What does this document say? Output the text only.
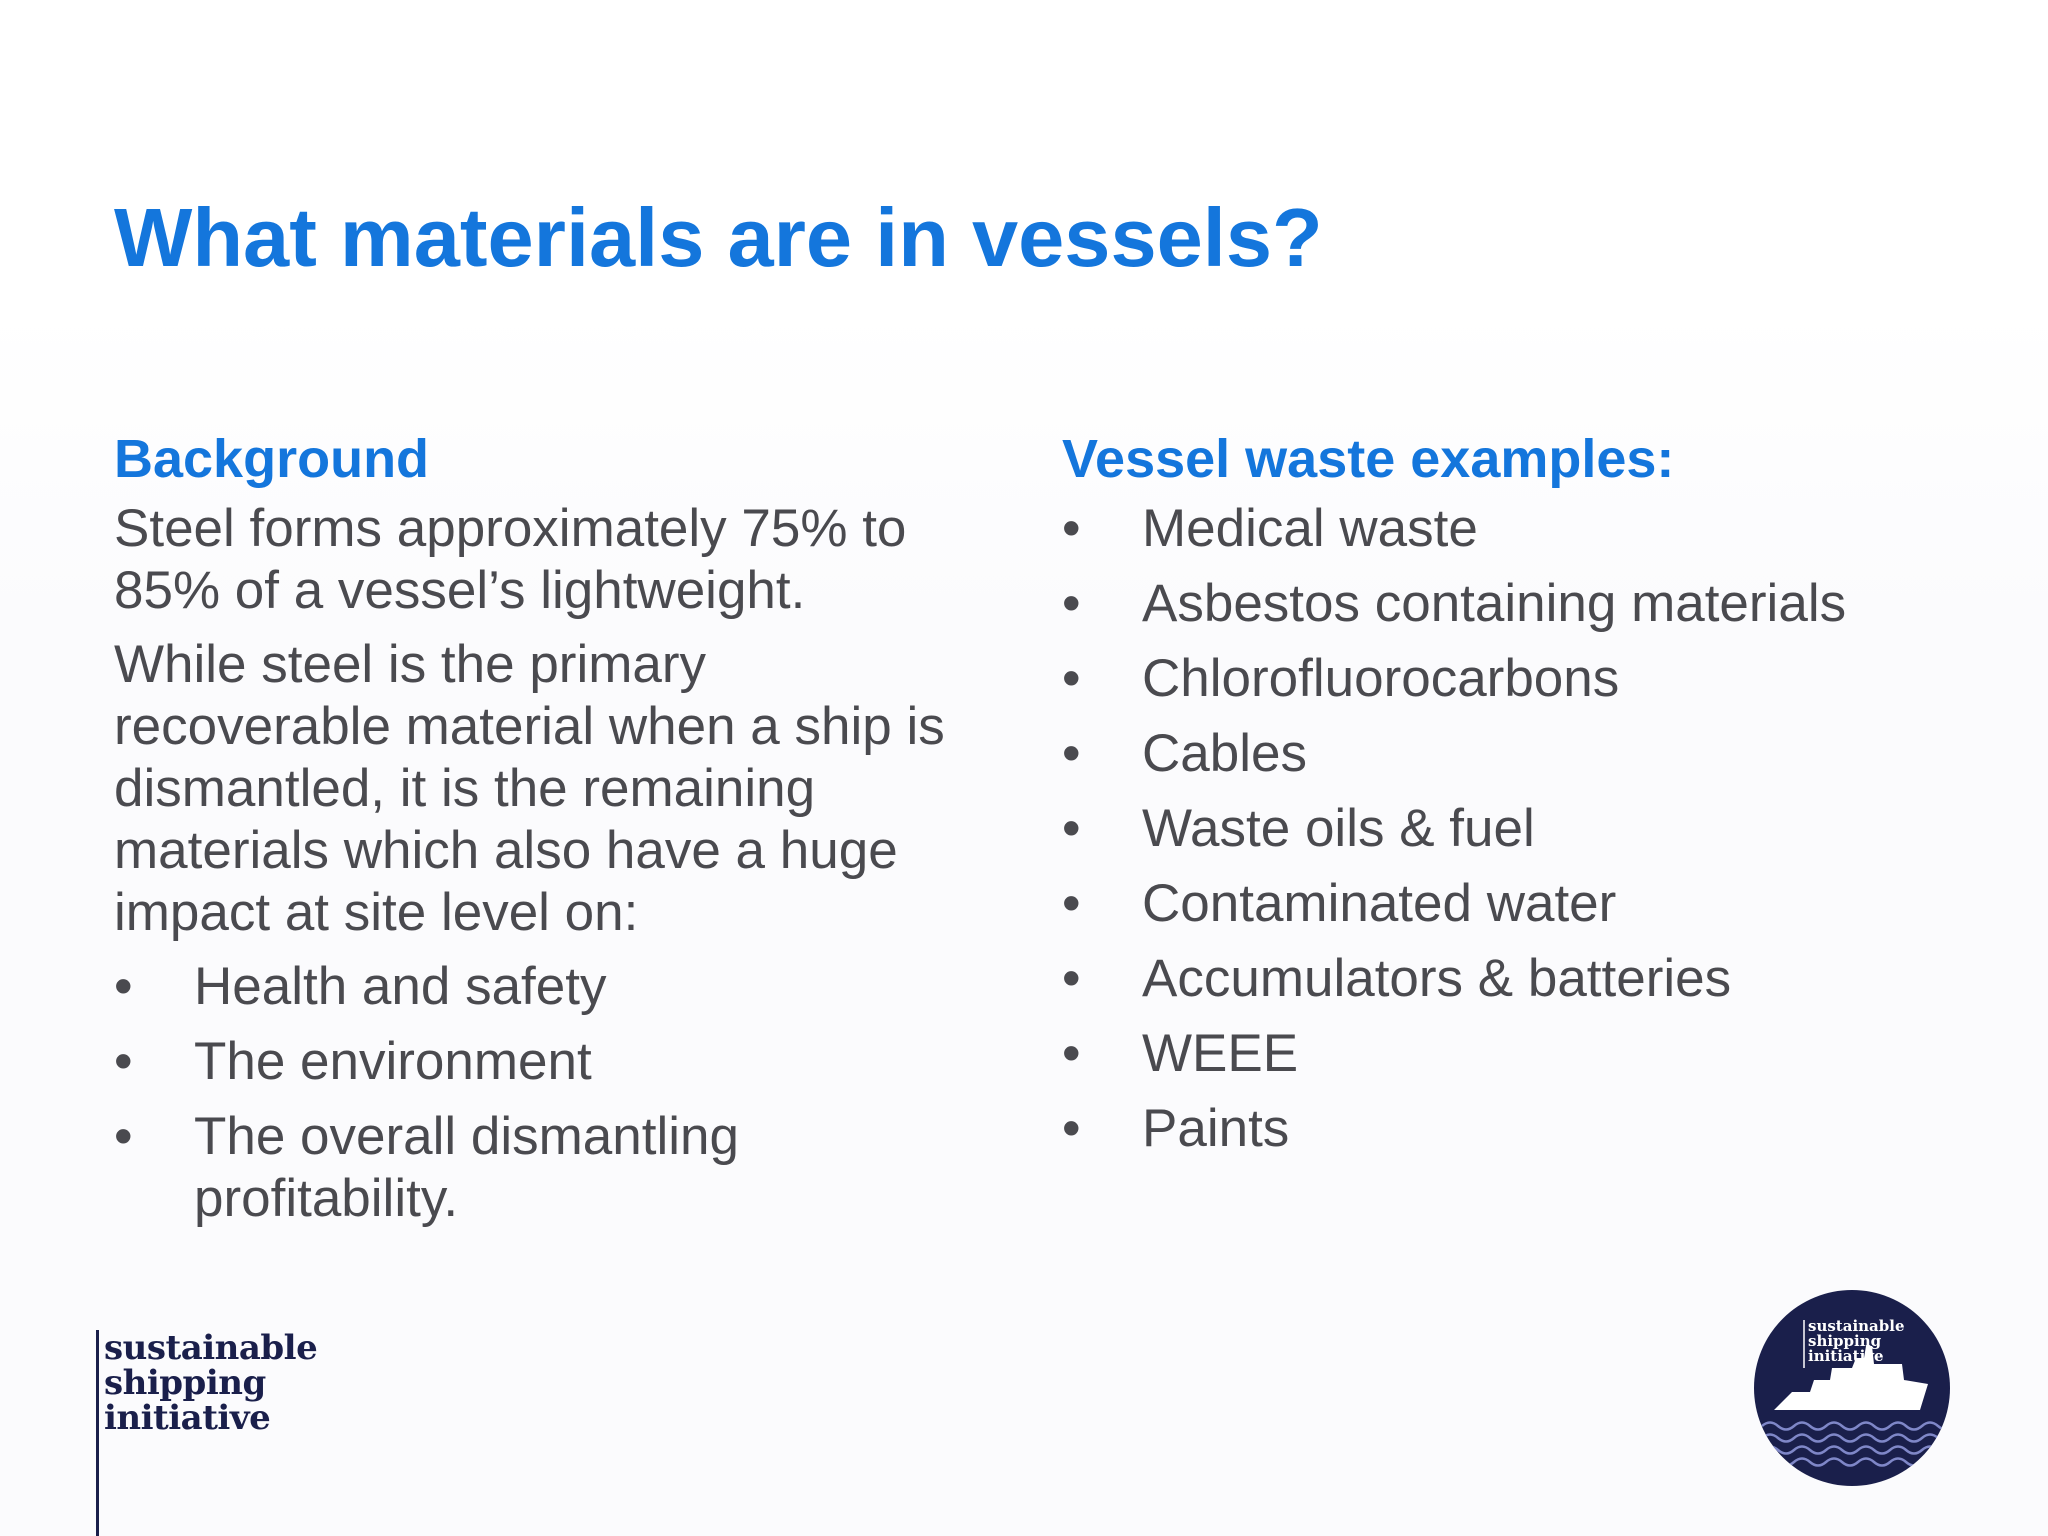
What materials are in vessels?
Background

Steel forms approximately 75% to 85% of a vessel’s lightweight.

While steel is the primary recoverable material when a ship is dismantled, it is the remaining materials which also have a huge impact at site level on:

•	Health and safety
•	The environment
•	The overall dismantling profitability.
Vessel waste examples:
•	Medical waste
•	Asbestos containing materials
•	Chlorofluorocarbons
•	Cables
•	Waste oils & fuel
•	Contaminated water
•	Accumulators & batteries
•	WEEE
•	Paints
sustainable
shipping
initiative
sustainable
shipping
initiative
